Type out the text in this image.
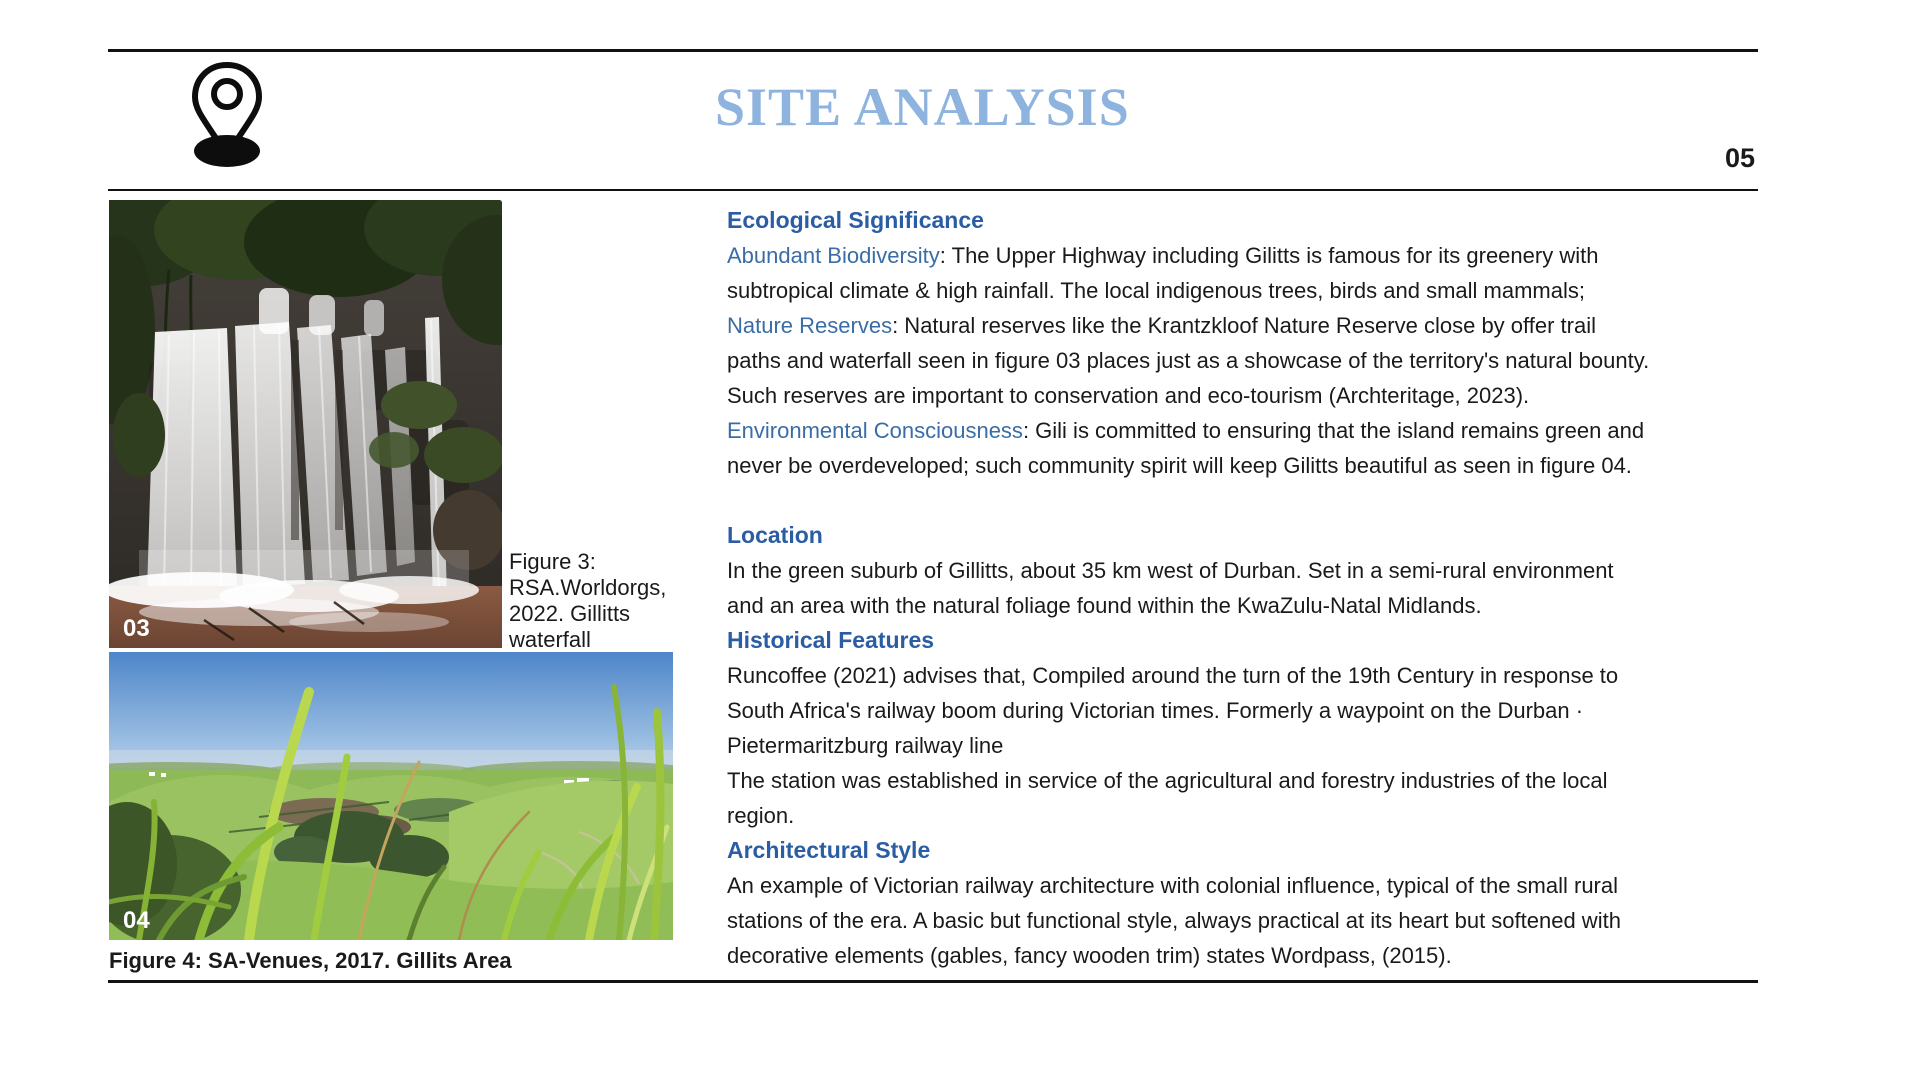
SITE ANALYSIS
05
03
Figure 3:
RSA.Worldorgs,
2022. Gillitts
waterfall
04
Figure 4: SA-Venues, 2017. Gillits Area
Ecological Significance
Abundant Biodiversity: The Upper Highway including Gilitts is famous for its greenery with
subtropical climate & high rainfall. The local indigenous trees, birds and small mammals;
Nature Reserves: Natural reserves like the Krantzkloof Nature Reserve close by offer trail
paths and waterfall seen in figure 03 places just as a showcase of the territory's natural bounty.
Such reserves are important to conservation and eco-tourism (Archteritage, 2023).
Environmental Consciousness: Gili is committed to ensuring that the island remains green and
never be overdeveloped; such community spirit will keep Gilitts beautiful as seen in figure 04.
Location
In the green suburb of Gillitts, about 35 km west of Durban. Set in a semi-rural environment
and an area with the natural foliage found within the KwaZulu-Natal Midlands.
Historical Features
Runcoffee (2021) advises that, Compiled around the turn of the 19th Century in response to
South Africa's railway boom during Victorian times. Formerly a waypoint on the Durban ·
Pietermaritzburg railway line
The station was established in service of the agricultural and forestry industries of the local
region.
Architectural Style
An example of Victorian railway architecture with colonial influence, typical of the small rural
stations of the era. A basic but functional style, always practical at its heart but softened with
decorative elements (gables, fancy wooden trim) states Wordpass, (2015).
